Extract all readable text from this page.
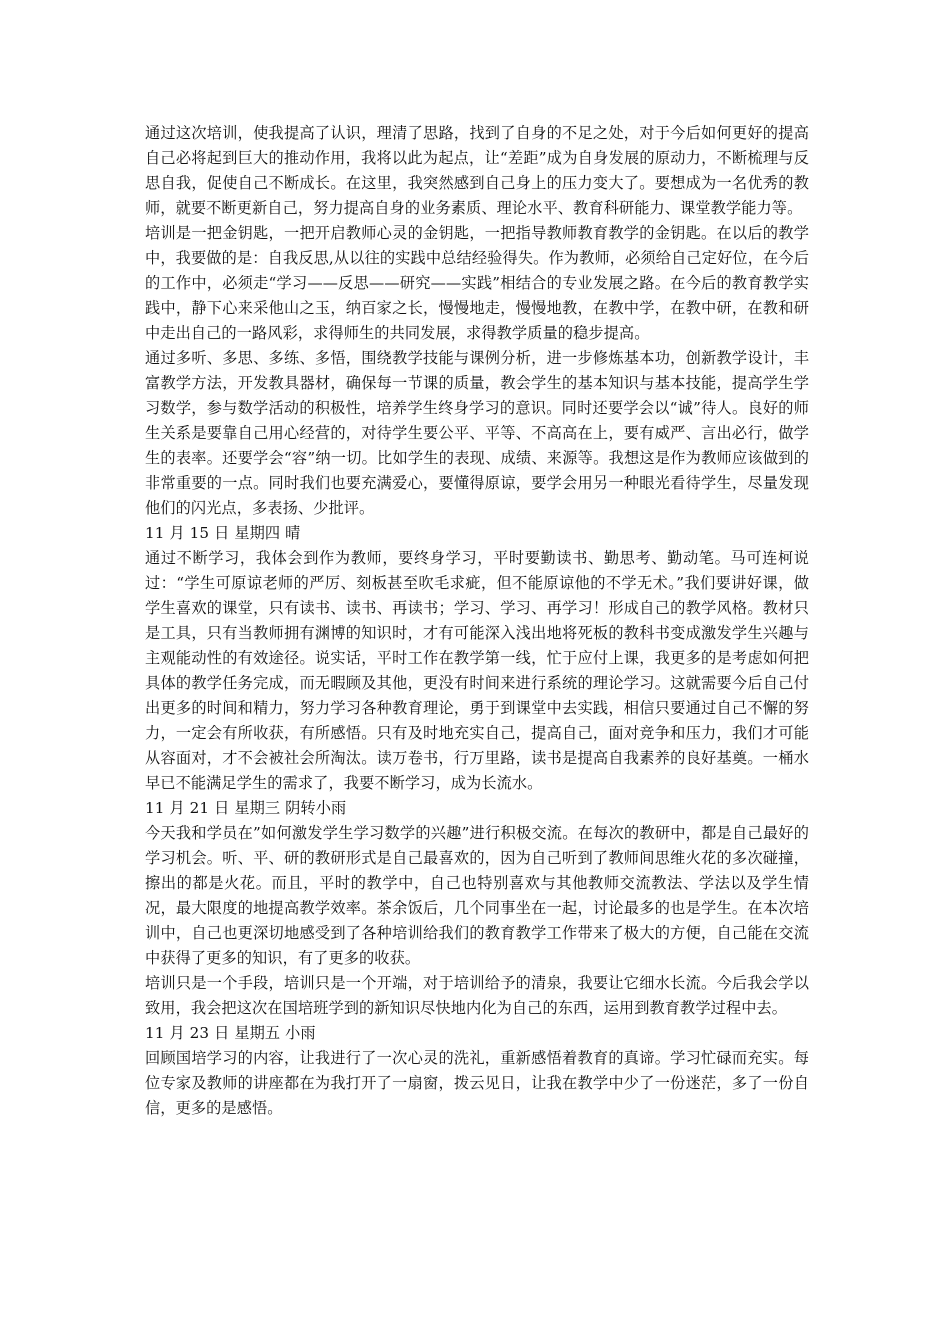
通过这次培训，使我提高了认识，理清了思路，找到了自身的不足之处，对于今后如何更好的提高自己必将起到巨大的推动作用，我将以此为起点，让“差距”成为自身发展的原动力，不断梳理与反思自我，促使自己不断成长。在这里，我突然感到自己身上的压力变大了。要想成为一名优秀的教师，就要不断更新自己，努力提高自身的业务素质、理论水平、教育科研能力、课堂教学能力等。

培训是一把金钥匙，一把开启教师心灵的金钥匙，一把指导教师教育教学的金钥匙。在以后的教学中，我要做的是：自我反思,从以往的实践中总结经验得失。作为教师，必须给自己定好位，在今后的工作中，必须走“学习——反思——研究——实践”相结合的专业发展之路。在今后的教育教学实践中，静下心来采他山之玉，纳百家之长，慢慢地走，慢慢地教，在教中学，在教中研，在教和研中走出自己的一路风彩，求得师生的共同发展，求得教学质量的稳步提高。

通过多听、多思、多练、多悟，围绕教学技能与课例分析，进一步修炼基本功，创新教学设计，丰富教学方法，开发教具器材，确保每一节课的质量，教会学生的基本知识与基本技能，提高学生学习数学，参与数学活动的积极性，培养学生终身学习的意识。同时还要学会以“诚”待人。良好的师生关系是要靠自己用心经营的，对待学生要公平、平等、不高高在上，要有威严、言出必行，做学生的表率。还要学会“容”纳一切。比如学生的表现、成绩、来源等。我想这是作为教师应该做到的非常重要的一点。同时我们也要充满爱心，要懂得原谅，要学会用另一种眼光看待学生，尽量发现他们的闪光点，多表扬、少批评。

11 月 15 日 星期四 晴

通过不断学习，我体会到作为教师，要终身学习，平时要勤读书、勤思考、勤动笔。马可连柯说过：“学生可原谅老师的严厉、刻板甚至吹毛求疵，但不能原谅他的不学无术。”我们要讲好课，做学生喜欢的课堂，只有读书、读书、再读书；学习、学习、再学习！形成自己的教学风格。教材只是工具，只有当教师拥有渊博的知识时，才有可能深入浅出地将死板的教科书变成激发学生兴趣与主观能动性的有效途径。说实话，平时工作在教学第一线，忙于应付上课，我更多的是考虑如何把具体的教学任务完成，而无暇顾及其他，更没有时间来进行系统的理论学习。这就需要今后自己付出更多的时间和精力，努力学习各种教育理论，勇于到课堂中去实践，相信只要通过自己不懈的努力，一定会有所收获，有所感悟。只有及时地充实自己，提高自己，面对竞争和压力，我们才可能从容面对，才不会被社会所淘汰。读万卷书，行万里路，读书是提高自我素养的良好基奠。一桶水早已不能满足学生的需求了，我要不断学习，成为长流水。

11 月 21 日 星期三 阴转小雨

今天我和学员在”如何激发学生学习数学的兴趣”进行积极交流。在每次的教研中，都是自己最好的学习机会。听、平、研的教研形式是自己最喜欢的，因为自己听到了教师间思维火花的多次碰撞，擦出的都是火花。而且，平时的教学中，自己也特别喜欢与其他教师交流教法、学法以及学生情况，最大限度的地提高教学效率。茶余饭后，几个同事坐在一起，讨论最多的也是学生。在本次培训中，自己也更深切地感受到了各种培训给我们的教育教学工作带来了极大的方便，自己能在交流中获得了更多的知识，有了更多的收获。

培训只是一个手段，培训只是一个开端，对于培训给予的清泉，我要让它细水长流。今后我会学以致用，我会把这次在国培班学到的新知识尽快地内化为自己的东西，运用到教育教学过程中去。

11 月 23 日 星期五 小雨

回顾国培学习的内容，让我进行了一次心灵的洗礼，重新感悟着教育的真谛。学习忙碌而充实。每位专家及教师的讲座都在为我打开了一扇窗，拨云见日，让我在教学中少了一份迷茫，多了一份自信，更多的是感悟。
